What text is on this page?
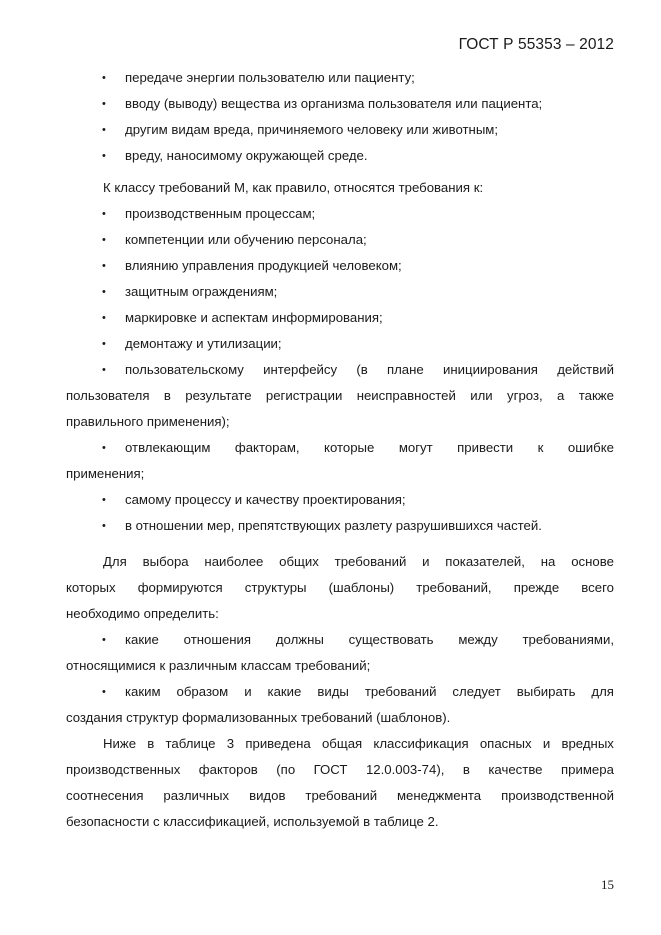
ГОСТ Р 55353 – 2012
•	передаче энергии пользователю или пациенту;
•	вводу (выводу) вещества из организма пользователя или пациента;
•	другим видам вреда, причиняемого человеку или животным;
•	вреду, наносимому окружающей среде.
К классу требований М, как правило, относятся требования к:
•	производственным процессам;
•	компетенции или обучению персонала;
•	влиянию управления продукцией человеком;
•	защитным ограждениям;
•	маркировке и аспектам информирования;
•	демонтажу и утилизации;
• пользовательскому интерфейсу (в плане инициирования действий
пользователя в результате регистрации неисправностей или угроз, а также
правильного применения);
• отвлекающим факторам, которые могут привести к ошибке
применения;
•	самому процессу и качеству проектирования;
•	в отношении мер, препятствующих разлету разрушившихся частей.
Для выбора наиболее общих требований и показателей, на основе
которых формируются структуры (шаблоны) требований, прежде всего
необходимо определить:
• какие отношения должны существовать между требованиями,
относящимися к различным классам требований;
• каким образом и какие виды требований следует выбирать для
создания структур формализованных требований (шаблонов).
Ниже в таблице 3 приведена общая классификация опасных и вредных
производственных факторов (по ГОСТ 12.0.003-74), в качестве примера
соотнесения различных видов требований менеджмента производственной
безопасности с классификацией, используемой в таблице 2.
15
